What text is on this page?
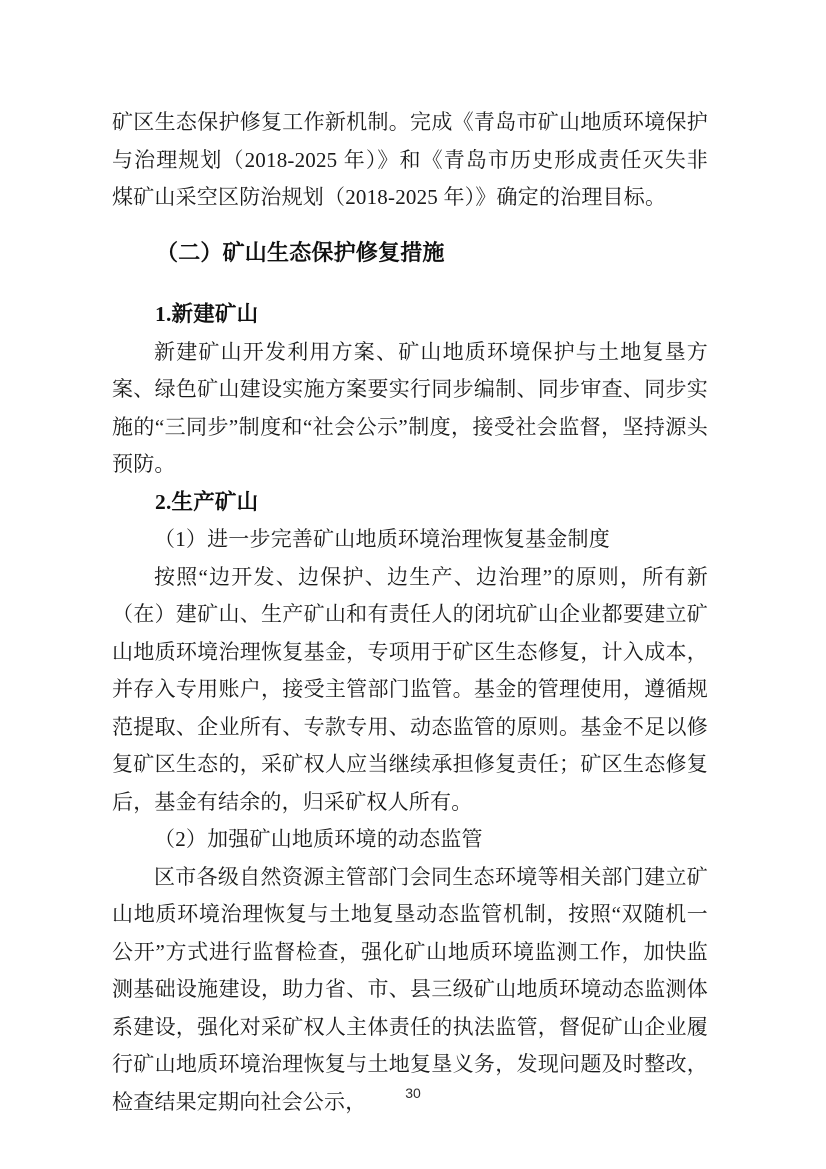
矿区生态保护修复工作新机制。完成《青岛市矿山地质环境保护与治理规划（2018-2025 年）》和《青岛市历史形成责任灭失非煤矿山采空区防治规划（2018-2025 年）》确定的治理目标。

（二）矿山生态保护修复措施
1.新建矿山

新建矿山开发利用方案、矿山地质环境保护与土地复垦方案、绿色矿山建设实施方案要实行同步编制、同步审查、同步实施的“三同步”制度和“社会公示”制度，接受社会监督，坚持源头预防。

2.生产矿山

（1）进一步完善矿山地质环境治理恢复基金制度

按照“边开发、边保护、边生产、边治理”的原则，所有新（在）建矿山、生产矿山和有责任人的闭坑矿山企业都要建立矿山地质环境治理恢复基金，专项用于矿区生态修复，计入成本，并存入专用账户，接受主管部门监管。基金的管理使用，遵循规范提取、企业所有、专款专用、动态监管的原则。基金不足以修复矿区生态的，采矿权人应当继续承担修复责任；矿区生态修复后，基金有结余的，归采矿权人所有。

（2）加强矿山地质环境的动态监管

区市各级自然资源主管部门会同生态环境等相关部门建立矿山地质环境治理恢复与土地复垦动态监管机制，按照“双随机一公开”方式进行监督检查，强化矿山地质环境监测工作，加快监测基础设施建设，助力省、市、县三级矿山地质环境动态监测体系建设，强化对采矿权人主体责任的执法监管，督促矿山企业履行矿山地质环境治理恢复与土地复垦义务，发现问题及时整改，检查结果定期向社会公示，	30
